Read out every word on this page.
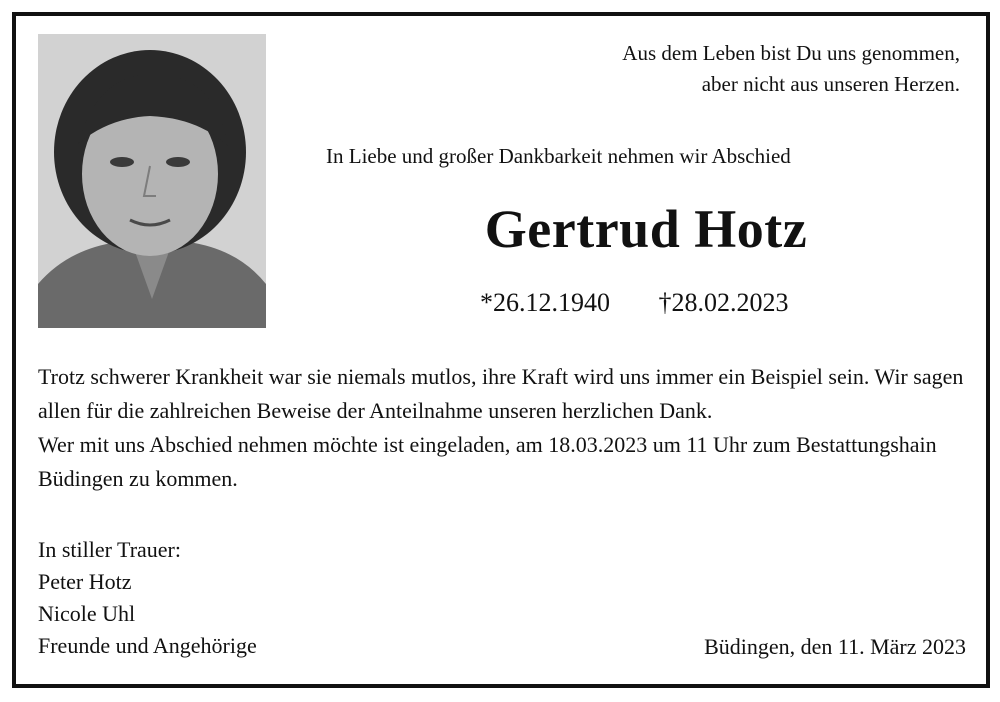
Aus dem Leben bist Du uns genommen,
aber nicht aus unseren Herzen.
In Liebe und großer Dankbarkeit nehmen wir Abschied
Gertrud Hotz
*26.12.1940 †28.02.2023

Trotz schwerer Krankheit war sie niemals mutlos, ihre Kraft wird uns immer ein Beispiel sein. Wir sagen allen für die zahlreichen Beweise der Anteilnahme unseren herzlichen Dank.

Wer mit uns Abschied nehmen möchte ist eingeladen, am 18.03.2023 um 11 Uhr zum Bestattungshain Büdingen zu kommen.

In stiller Trauer:
Peter Hotz
Nicole Uhl
Freunde und Angehörige	Büdingen, den 11. März 2023
